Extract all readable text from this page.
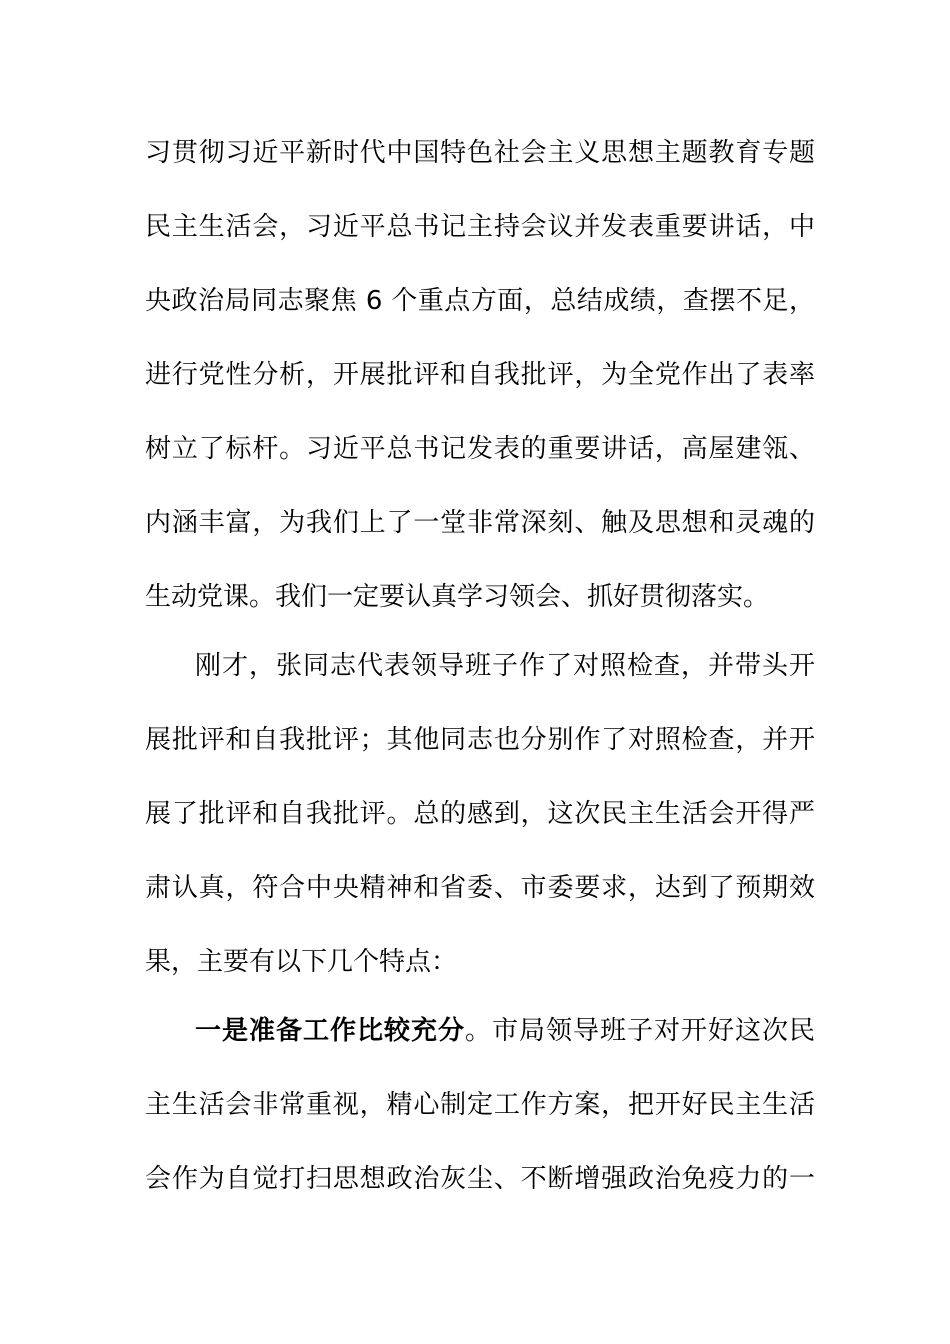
习贯彻习近平新时代中国特色社会主义思想主题教育专题
民主生活会，习近平总书记主持会议并发表重要讲话，中
央政治局同志聚焦 6 个重点方面，总结成绩，查摆不足，
进行党性分析，开展批评和自我批评，为全党作出了表率
树立了标杆。习近平总书记发表的重要讲话，高屋建瓴、
内涵丰富，为我们上了一堂非常深刻、触及思想和灵魂的
生动党课。我们一定要认真学习领会、抓好贯彻落实。
刚才，张同志代表领导班子作了对照检查，并带头开
展批评和自我批评；其他同志也分别作了对照检查，并开
展了批评和自我批评。总的感到，这次民主生活会开得严
肃认真，符合中央精神和省委、市委要求，达到了预期效
果，主要有以下几个特点：
一是准备工作比较充分。市局领导班子对开好这次民
主生活会非常重视，精心制定工作方案，把开好民主生活
会作为自觉打扫思想政治灰尘、不断增强政治免疫力的一
